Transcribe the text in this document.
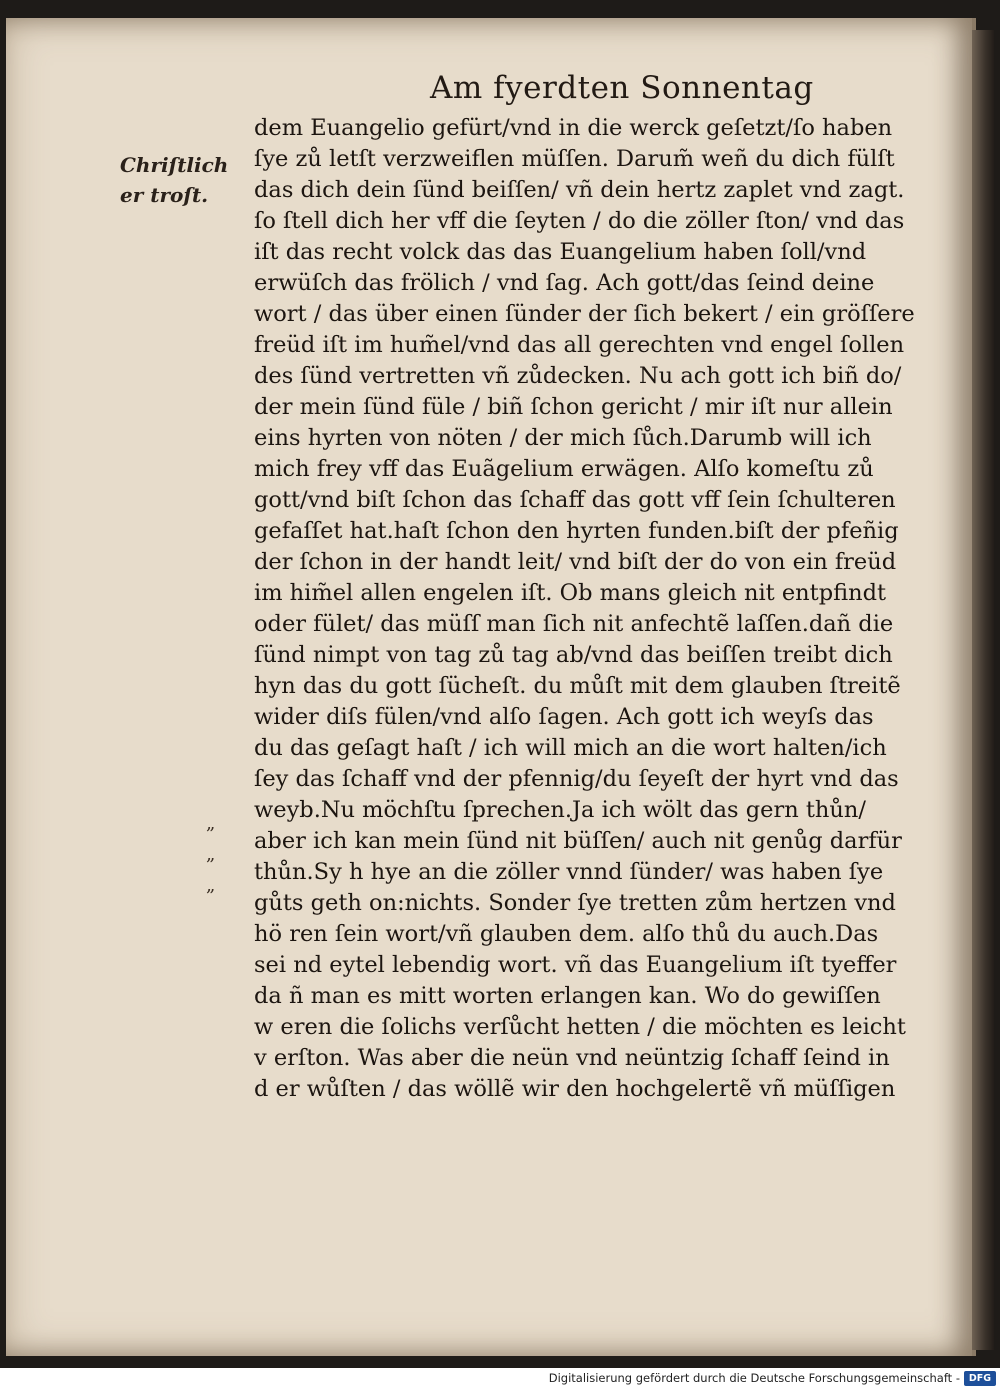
Am fyerdten Sonnentag
Chriſtlich
er troſt.
„
„
„
dem Euangelio gefürt/vnd in die werck geſetzt/ſo haben
ſye zů letſt verzweiflen müſſen. Darum̃ weñ du dich fülſt
das dich dein ſünd beiſſen/ vñ dein hertz zaplet vnd zagt.
ſo ſtell dich her vff die ſeyten / do die zöller ſton/ vnd das
iſt das recht volck das das Euangelium haben ſoll/vnd
erwüſch das frölich / vnd ſag. Ach gott/das ſeind deine
wort / das über einen ſünder der ſich bekert / ein gröſſere
freüd iſt im hum̃el/vnd das all gerechten vnd engel ſollen
des ſünd vertretten vñ zůdecken. Nu ach gott ich biñ do/
der mein ſünd füle / biñ ſchon gericht / mir iſt nur allein
eins hyrten von nöten / der mich ſůch.Darumb will ich
mich frey vff das Euãgelium erwägen. Alſo komeſtu zů
gott/vnd biſt ſchon das ſchaff das gott vff ſein ſchulteren
gefaſſet hat.haſt ſchon den hyrten funden.biſt der pfeñig
der ſchon in der handt leit/ vnd biſt der do von ein freüd
im him̃el allen engelen iſt. Ob mans gleich nit entpfindt
oder fület/ das müſſ man ſich nit anfechtẽ laſſen.dañ die
ſünd nimpt von tag zů tag ab/vnd das beiſſen treibt dich
hyn das du gott ſücheſt. du můſt mit dem glauben ſtreitẽ
wider diſs fülen/vnd alſo ſagen. Ach gott ich weyſs das
du das geſagt haſt / ich will mich an die wort halten/ich
ſey das ſchaff vnd der pfennig/du ſeyeſt der hyrt vnd das
weyb.Nu möchſtu ſprechen.Ja ich wölt das gern thůn/
aber ich kan mein ſünd nit büſſen/ auch nit genůg darfür
thůn.Sy h hye an die zöller vnnd ſünder/ was haben ſye
gůts geth on:nichts. Sonder ſye tretten zům hertzen vnd
hö ren ſein wort/vñ glauben dem. alſo thů du auch.Das
sei nd eytel lebendig wort. vñ das Euangelium iſt tyeffer
da ñ man es mitt worten erlangen kan. Wo do gewiſſen
w eren die ſolichs verſůcht hetten / die möchten es leicht
v erſton. Was aber die neün vnd neüntzig ſchaff ſeind in
d er wůſten / das wöllẽ wir den hochgelertẽ vñ müſſigen
Digitalisierung gefördert durch die Deutsche Forschungsgemeinschaft - DFG
